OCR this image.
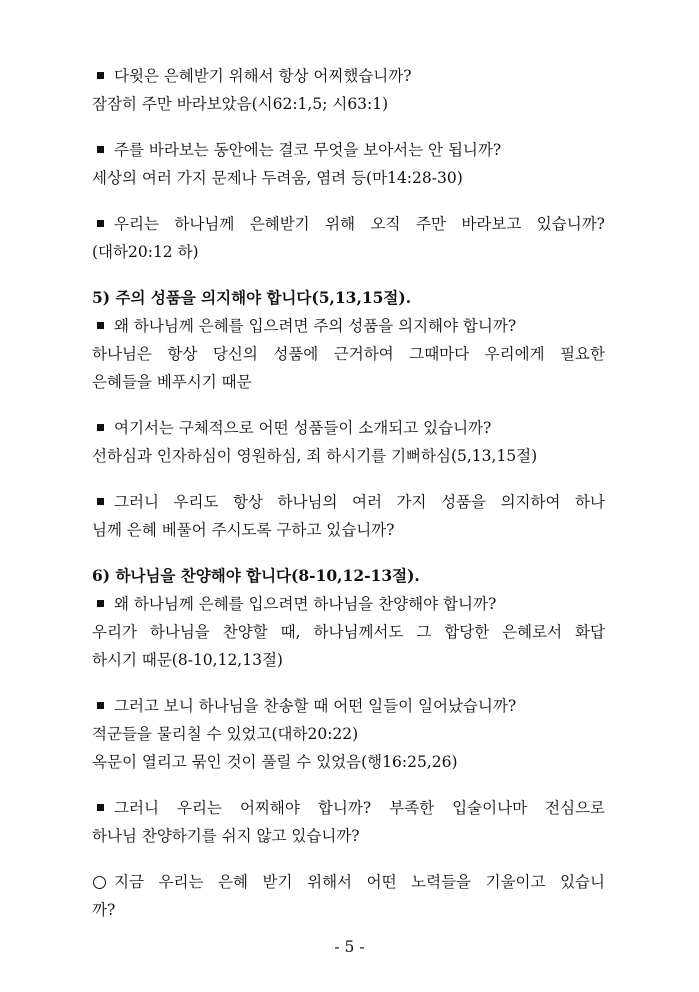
다윗은 은혜받기 위해서 항상 어찌했습니까?
잠잠히 주만 바라보았음(시62:1,5; 시63:1)
주를 바라보는 동안에는 결코 무엇을 보아서는 안 됩니까?
세상의 여러 가지 문제나 두려움, 염려 등(마14:28-30)
우리는 하나님께 은혜받기 위해 오직 주만 바라보고 있습니까?
(대하20:12 하)
5) 주의 성품을 의지해야 합니다(5,13,15절).
왜 하나님께 은혜를 입으려면 주의 성품을 의지해야 합니까?
하나님은 항상 당신의 성품에 근거하여 그때마다 우리에게 필요한
은혜들을 베푸시기 때문
여기서는 구체적으로 어떤 성품들이 소개되고 있습니까?
선하심과 인자하심이 영원하심, 죄 하시기를 기뻐하심(5,13,15절)
그러니 우리도 항상 하나님의 여러 가지 성품을 의지하여 하나
님께 은혜 베풀어 주시도록 구하고 있습니까?
6) 하나님을 찬양해야 합니다(8-10,12-13절).
왜 하나님께 은혜를 입으려면 하나님을 찬양해야 합니까?
우리가 하나님을 찬양할 때, 하나님께서도 그 합당한 은혜로서 화답
하시기 때문(8-10,12,13절)
그러고 보니 하나님을 찬송할 때 어떤 일들이 일어났습니까?
적군들을 물리칠 수 있었고(대하20:22)
옥문이 열리고 묶인 것이 풀릴 수 있었음(행16:25,26)
그러니 우리는 어찌해야 합니까? 부족한 입술이나마 전심으로
하나님 찬양하기를 쉬지 않고 있습니까?
지금 우리는 은혜 받기 위해서 어떤 노력들을 기울이고 있습니
까?
- 5 -
